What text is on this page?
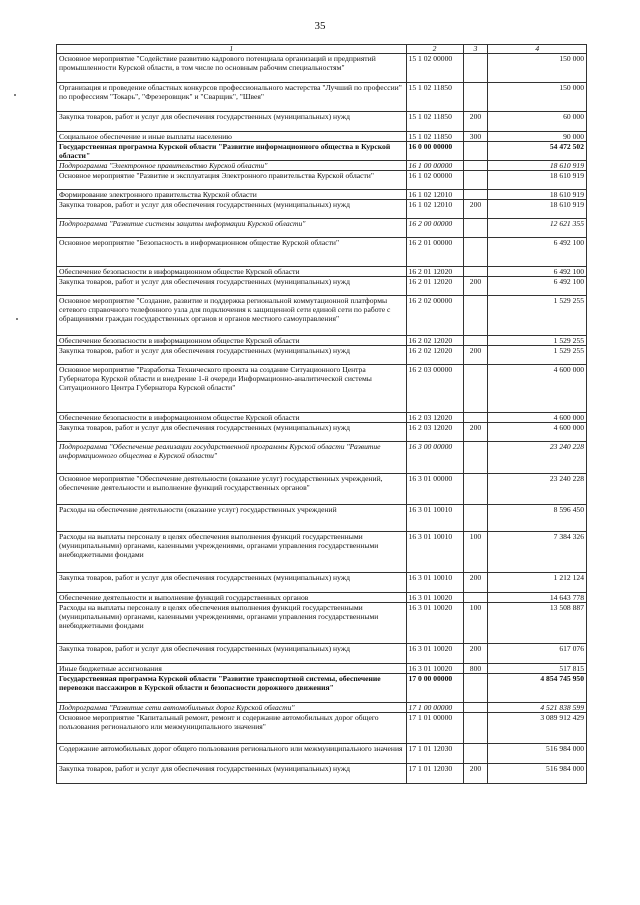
35
1	2	3	4
Основное мероприятие "Содействие развитию кадрового потенциала организаций и предприятий промышленности Курской области, в том числе по основным рабочим специальностям"	15 1 02 00000		150 000
Организация и проведение областных конкурсов профессионального мастерства "Лучший по профессии" по профессиям "Токарь", "Фрезеровщик" и "Сварщик", "Швея"	15 1 02 11850		150 000
Закупка товаров, работ и услуг для обеспечения государственных (муниципальных) нужд	15 1 02 11850	200	60 000
Социальное обеспечение и иные выплаты населению	15 1 02 11850	300	90 000
Государственная программа Курской области "Развитие информационного общества в Курской области"	16 0 00 00000		54 472 502
Подпрограмма "Электронное правительство Курской области"	16 1 00 00000		18 610 919
Основное мероприятие "Развитие и эксплуатация Электронного правительства Курской области"	16 1 02 00000		18 610 919
Формирование электронного правительства Курской области	16 1 02 12010		18 610 919
Закупка товаров, работ и услуг для обеспечения государственных (муниципальных) нужд	16 1 02 12010	200	18 610 919
Подпрограмма "Развитие системы защиты информации Курской области"	16 2 00 00000		12 621 355
Основное мероприятие "Безопасность в информационном обществе Курской области"	16 2 01 00000		6 492 100
Обеспечение безопасности в информационном обществе Курской области	16 2 01 12020		6 492 100
Закупка товаров, работ и услуг для обеспечения государственных (муниципальных) нужд	16 2 01 12020	200	6 492 100
Основное мероприятие "Создание, развитие и поддержка региональной коммутационной платформы сетевого справочного телефонного узла для подключения к защищенной сети единой сети по работе с обращениями граждан государственных органов и органов местного самоуправления"	16 2 02 00000		1 529 255
Обеспечение безопасности в информационном обществе Курской области	16 2 02 12020		1 529 255
Закупка товаров, работ и услуг для обеспечения государственных (муниципальных) нужд	16 2 02 12020	200	1 529 255
Основное мероприятие "Разработка Технического проекта на создание Ситуационного Центра Губернатора Курской области и внедрение 1-й очереди Информационно-аналитической системы Ситуационного Центра Губернатора Курской области"	16 2 03 00000		4 600 000
Обеспечение безопасности в информационном обществе Курской области	16 2 03 12020		4 600 000
Закупка товаров, работ и услуг для обеспечения государственных (муниципальных) нужд	16 2 03 12020	200	4 600 000
Подпрограмма "Обеспечение реализации государственной программы Курской области "Развитие информационного общества в Курской области"	16 3 00 00000		23 240 228
Основное мероприятие "Обеспечение деятельности (оказание услуг) государственных учреждений, обеспечение деятельности и выполнение функций государственных органов"	16 3 01 00000		23 240 228
Расходы на обеспечение деятельности (оказание услуг) государственных учреждений	16 3 01 10010		8 596 450
Расходы на выплаты персоналу в целях обеспечения выполнения функций государственными (муниципальными) органами, казенными учреждениями, органами управления государственными внебюджетными фондами	16 3 01 10010	100	7 384 326
Закупка товаров, работ и услуг для обеспечения государственных (муниципальных) нужд	16 3 01 10010	200	1 212 124
Обеспечение деятельности и выполнение функций государственных органов	16 3 01 10020		14 643 778
Расходы на выплаты персоналу в целях обеспечения выполнения функций государственными (муниципальными) органами, казенными учреждениями, органами управления государственными внебюджетными фондами	16 3 01 10020	100	13 508 887
Закупка товаров, работ и услуг для обеспечения государственных (муниципальных) нужд	16 3 01 10020	200	617 076
Иные бюджетные ассигнования	16 3 01 10020	800	517 815
Государственная программа Курской области "Развитие транспортной системы, обеспечение перевозки пассажиров в Курской области и безопасности дорожного движения"	17 0 00 00000		4 854 745 950
Подпрограмма "Развитие сети автомобильных дорог Курской области"	17 1 00 00000		4 521 838 599
Основное мероприятие "Капитальный ремонт, ремонт и содержание автомобильных дорог общего пользования регионального или межмуниципального значения"	17 1 01 00000		3 089 912 429
Содержание автомобильных дорог общего пользования регионального или межмуниципального значения	17 1 01 12030		516 984 000
Закупка товаров, работ и услуг для обеспечения государственных (муниципальных) нужд	17 1 01 12030	200	516 984 000
